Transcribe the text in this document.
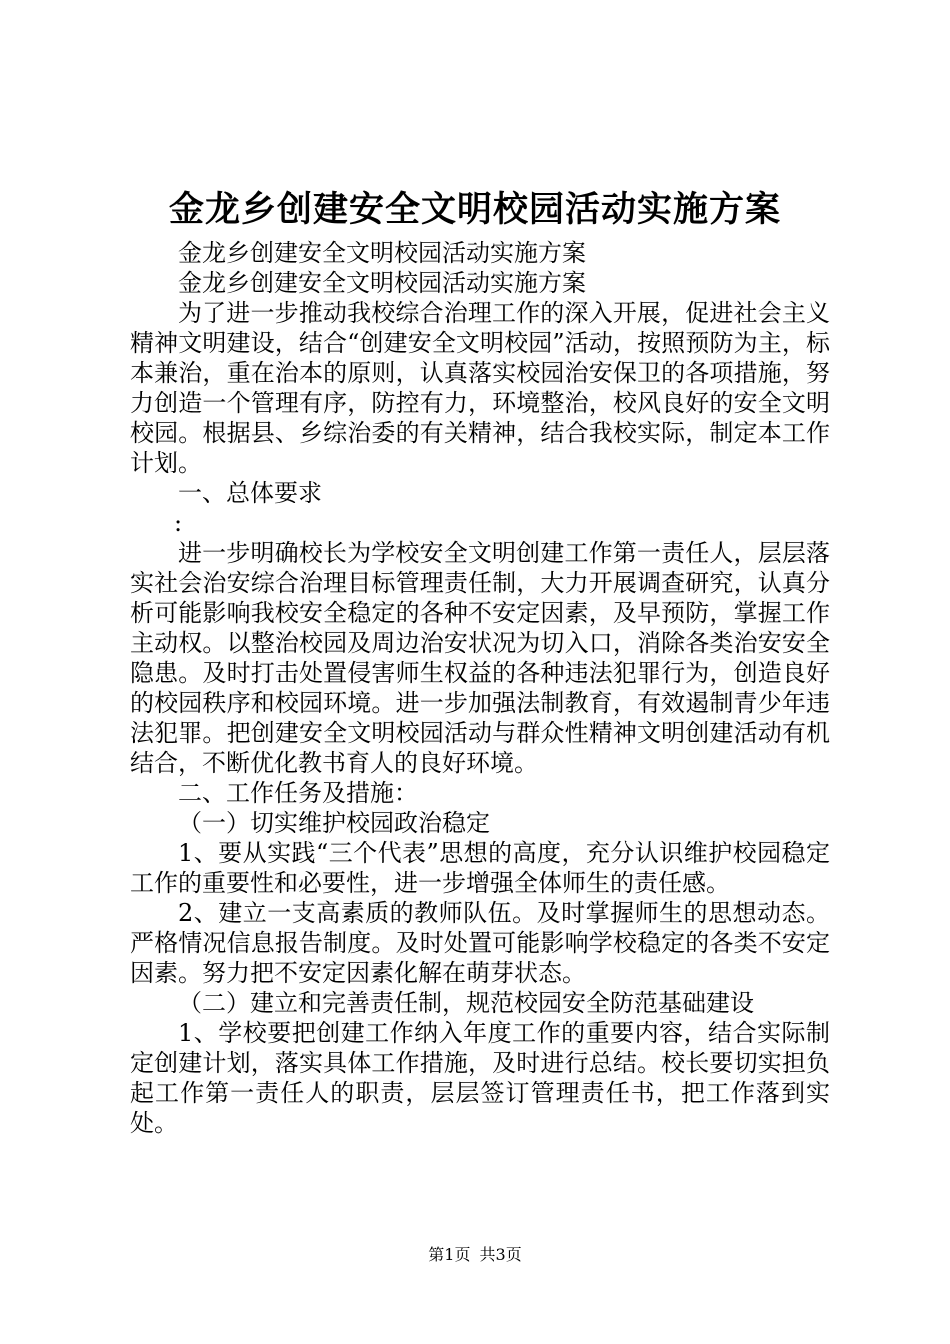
金龙乡创建安全文明校园活动实施方案

金龙乡创建安全文明校园活动实施方案

金龙乡创建安全文明校园活动实施方案

为了进一步推动我校综合治理工作的深入开展，促进社会主义精神文明建设，结合“创建安全文明校园”活动，按照预防为主，标本兼治，重在治本的原则，认真落实校园治安保卫的各项措施，努力创造一个管理有序，防控有力，环境整治，校风良好的安全文明校园。根据县、乡综治委的有关精神，结合我校实际，制定本工作计划。

一、总体要求

:

进一步明确校长为学校安全文明创建工作第一责任人，层层落实社会治安综合治理目标管理责任制，大力开展调查研究，认真分析可能影响我校安全稳定的各种不安定因素，及早预防，掌握工作主动权。以整治校园及周边治安状况为切入口，消除各类治安安全隐患。及时打击处置侵害师生权益的各种违法犯罪行为，创造良好的校园秩序和校园环境。进一步加强法制教育，有效遏制青少年违法犯罪。把创建安全文明校园活动与群众性精神文明创建活动有机结合，不断优化教书育人的良好环境。

二、工作任务及措施：

（一）切实维护校园政治稳定

1、要从实践“三个代表”思想的高度，充分认识维护校园稳定工作的重要性和必要性，进一步增强全体师生的责任感。

2、建立一支高素质的教师队伍。及时掌握师生的思想动态。严格情况信息报告制度。及时处置可能影响学校稳定的各类不安定因素。努力把不安定因素化解在萌芽状态。

（二）建立和完善责任制，规范校园安全防范基础建设

1、学校要把创建工作纳入年度工作的重要内容，结合实际制定创建计划，落实具体工作措施，及时进行总结。校长要切实担负起工作第一责任人的职责，层层签订管理责任书，把工作落到实处。

第1页 共3页
